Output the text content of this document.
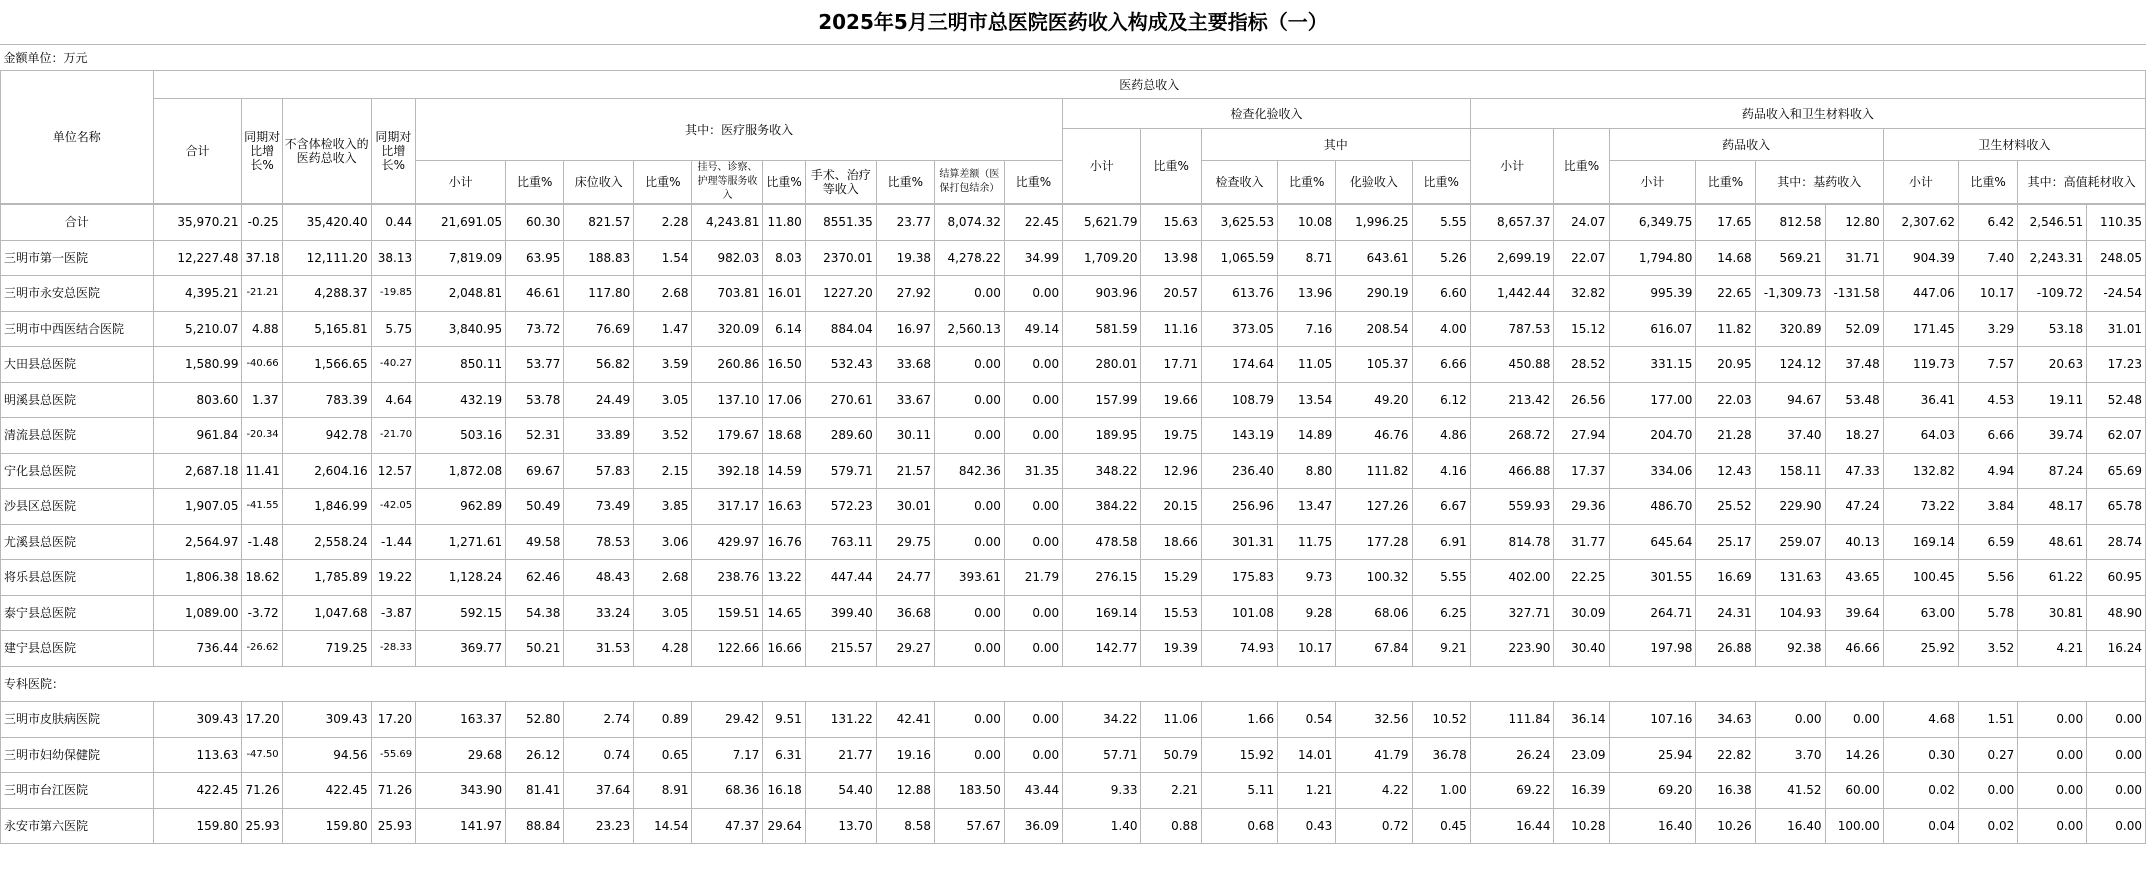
2025年5月三明市总医院医药收入构成及主要指标（一）
金额单位：万元																														
单位名称	医药总收入																													
	合计	同期对比增长%	不含体检收入的医药总收入	同期对比增长%	其中：医疗服务收入										检查化验收入						药品收入和卫生材料收入									
															小计	比重%	其中				小计	比重%	药品收入				卫生材料收入			
					小计	比重%	床位收入	比重%	挂号、诊察、护理等服务收入	比重%	手术、治疗等收入	比重%	结算差额（医保打包结余）	比重%			检查收入	比重%	化验收入	比重%			小计	比重%	其中：基药收入		小计	比重%	其中：高值耗材收入	

合计	35,970.21	-0.25	35,420.40	0.44	21,691.05	60.30	821.57	2.28	4,243.81	11.80	8551.35	23.77	8,074.32	22.45	5,621.79	15.63	3,625.53	10.08	1,996.25	5.55	8,657.37	24.07	6,349.75	17.65	812.58	12.80	2,307.62	6.42	2,546.51	110.35
三明市第一医院	12,227.48	37.18	12,111.20	38.13	7,819.09	63.95	188.83	1.54	982.03	8.03	2370.01	19.38	4,278.22	34.99	1,709.20	13.98	1,065.59	8.71	643.61	5.26	2,699.19	22.07	1,794.80	14.68	569.21	31.71	904.39	7.40	2,243.31	248.05
三明市永安总医院	4,395.21	-21.21	4,288.37	-19.85	2,048.81	46.61	117.80	2.68	703.81	16.01	1227.20	27.92	0.00	0.00	903.96	20.57	613.76	13.96	290.19	6.60	1,442.44	32.82	995.39	22.65	-1,309.73	-131.58	447.06	10.17	-109.72	-24.54
三明市中西医结合医院	5,210.07	4.88	5,165.81	5.75	3,840.95	73.72	76.69	1.47	320.09	6.14	884.04	16.97	2,560.13	49.14	581.59	11.16	373.05	7.16	208.54	4.00	787.53	15.12	616.07	11.82	320.89	52.09	171.45	3.29	53.18	31.01
大田县总医院	1,580.99	-40.66	1,566.65	-40.27	850.11	53.77	56.82	3.59	260.86	16.50	532.43	33.68	0.00	0.00	280.01	17.71	174.64	11.05	105.37	6.66	450.88	28.52	331.15	20.95	124.12	37.48	119.73	7.57	20.63	17.23
明溪县总医院	803.60	1.37	783.39	4.64	432.19	53.78	24.49	3.05	137.10	17.06	270.61	33.67	0.00	0.00	157.99	19.66	108.79	13.54	49.20	6.12	213.42	26.56	177.00	22.03	94.67	53.48	36.41	4.53	19.11	52.48
清流县总医院	961.84	-20.34	942.78	-21.70	503.16	52.31	33.89	3.52	179.67	18.68	289.60	30.11	0.00	0.00	189.95	19.75	143.19	14.89	46.76	4.86	268.72	27.94	204.70	21.28	37.40	18.27	64.03	6.66	39.74	62.07
宁化县总医院	2,687.18	11.41	2,604.16	12.57	1,872.08	69.67	57.83	2.15	392.18	14.59	579.71	21.57	842.36	31.35	348.22	12.96	236.40	8.80	111.82	4.16	466.88	17.37	334.06	12.43	158.11	47.33	132.82	4.94	87.24	65.69
沙县区总医院	1,907.05	-41.55	1,846.99	-42.05	962.89	50.49	73.49	3.85	317.17	16.63	572.23	30.01	0.00	0.00	384.22	20.15	256.96	13.47	127.26	6.67	559.93	29.36	486.70	25.52	229.90	47.24	73.22	3.84	48.17	65.78
尤溪县总医院	2,564.97	-1.48	2,558.24	-1.44	1,271.61	49.58	78.53	3.06	429.97	16.76	763.11	29.75	0.00	0.00	478.58	18.66	301.31	11.75	177.28	6.91	814.78	31.77	645.64	25.17	259.07	40.13	169.14	6.59	48.61	28.74
将乐县总医院	1,806.38	18.62	1,785.89	19.22	1,128.24	62.46	48.43	2.68	238.76	13.22	447.44	24.77	393.61	21.79	276.15	15.29	175.83	9.73	100.32	5.55	402.00	22.25	301.55	16.69	131.63	43.65	100.45	5.56	61.22	60.95
泰宁县总医院	1,089.00	-3.72	1,047.68	-3.87	592.15	54.38	33.24	3.05	159.51	14.65	399.40	36.68	0.00	0.00	169.14	15.53	101.08	9.28	68.06	6.25	327.71	30.09	264.71	24.31	104.93	39.64	63.00	5.78	30.81	48.90
建宁县总医院	736.44	-26.62	719.25	-28.33	369.77	50.21	31.53	4.28	122.66	16.66	215.57	29.27	0.00	0.00	142.77	19.39	74.93	10.17	67.84	9.21	223.90	30.40	197.98	26.88	92.38	46.66	25.92	3.52	4.21	16.24
专科医院：																														
三明市皮肤病医院	309.43	17.20	309.43	17.20	163.37	52.80	2.74	0.89	29.42	9.51	131.22	42.41	0.00	0.00	34.22	11.06	1.66	0.54	32.56	10.52	111.84	36.14	107.16	34.63	0.00	0.00	4.68	1.51	0.00	0.00
三明市妇幼保健院	113.63	-47.50	94.56	-55.69	29.68	26.12	0.74	0.65	7.17	6.31	21.77	19.16	0.00	0.00	57.71	50.79	15.92	14.01	41.79	36.78	26.24	23.09	25.94	22.82	3.70	14.26	0.30	0.27	0.00	0.00
三明市台江医院	422.45	71.26	422.45	71.26	343.90	81.41	37.64	8.91	68.36	16.18	54.40	12.88	183.50	43.44	9.33	2.21	5.11	1.21	4.22	1.00	69.22	16.39	69.20	16.38	41.52	60.00	0.02	0.00	0.00	0.00
永安市第六医院	159.80	25.93	159.80	25.93	141.97	88.84	23.23	14.54	47.37	29.64	13.70	8.58	57.67	36.09	1.40	0.88	0.68	0.43	0.72	0.45	16.44	10.28	16.40	10.26	16.40	100.00	0.04	0.02	0.00	0.00
